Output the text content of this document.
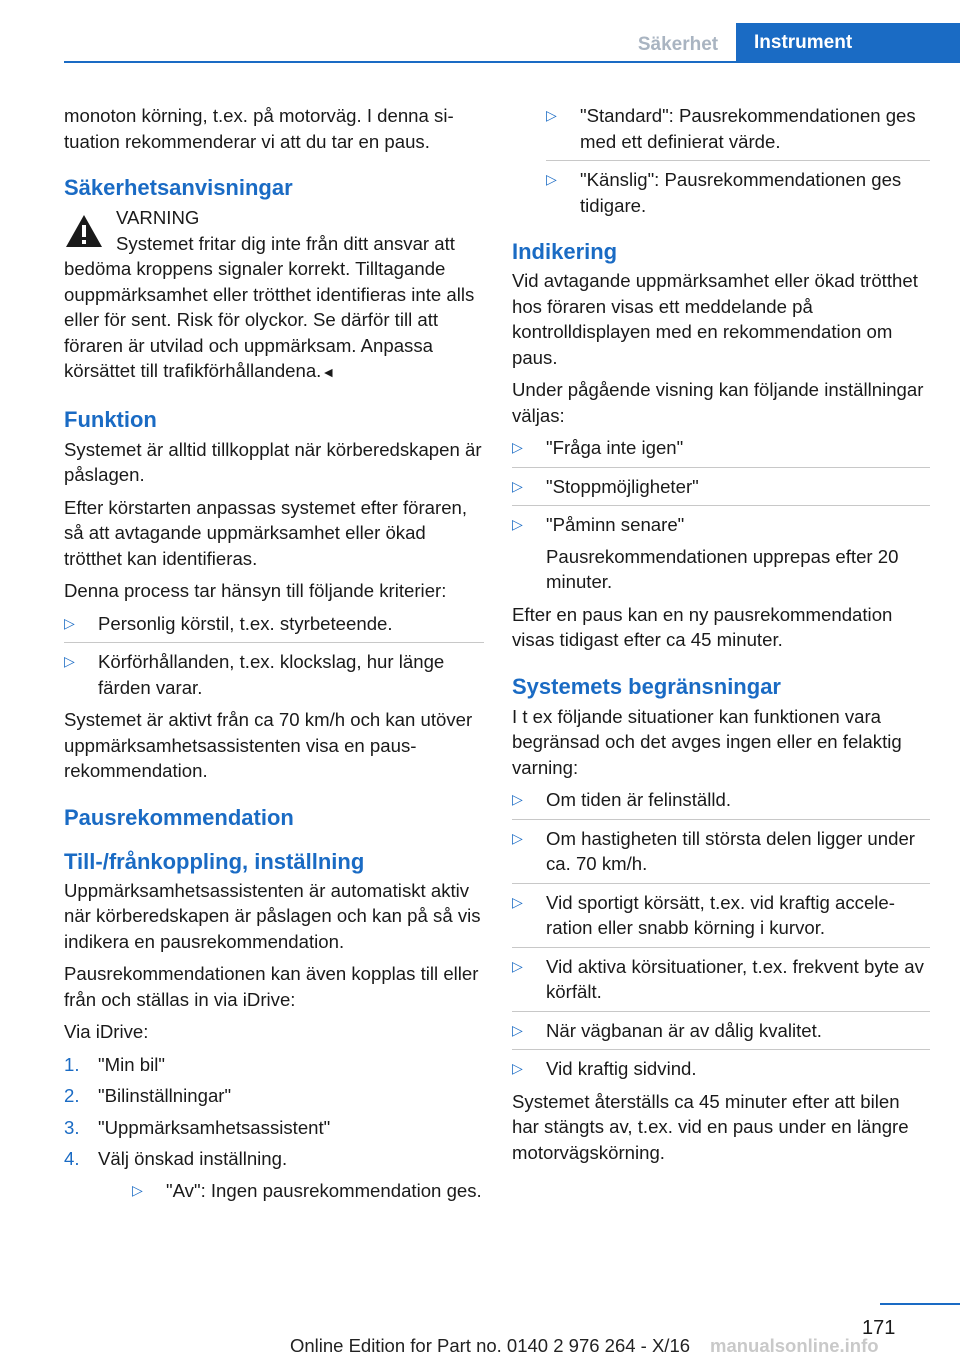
Säkerhet	Instrument

monoton körning, t.ex. på motorväg. I denna situation rekommenderar vi att du tar en paus.

Säkerhetsanvisningar
VARNING
Systemet fritar dig inte från ditt ansvar att
bedöma kroppens signaler korrekt. Tilltagande ouppmärksamhet eller trötthet identifieras inte alls eller för sent. Risk för olyckor. Se därför till att föraren är utvilad och uppmärksam. Anpassa körsättet till trafikförhållandena.◄
Funktion

Systemet är alltid tillkopplat när körberedskapen är påslagen.

Efter körstarten anpassas systemet efter föraren, så att avtagande uppmärksamhet eller ökad trötthet kan identifieras.

Denna process tar hänsyn till följande kriterier:

▷	Personlig körstil, t.ex. styrbeteende.
▷	Körförhållanden, t.ex. klockslag, hur länge färden varar.

Systemet är aktivt från ca 70 km/h och kan utöver uppmärksamhetsassistenten visa en pausrekommendation.

Pausrekommendation
Till-/frånkoppling, inställning

Uppmärksamhetsassistenten är automatiskt aktiv när körberedskapen är påslagen och kan på så vis indikera en pausrekommendation.

Pausrekommendationen kan även kopplas till eller från och ställas in via iDrive:

Via iDrive:

1. "Min bil"
2. "Bilinställningar"
3. "Uppmärksamhetsassistent"
4. Välj önskad inställning.
▷	"Av": Ingen pausrekommendation ges.
▷	"Standard": Pausrekommendationen ges med ett definierat värde.
▷	"Känslig": Pausrekommendationen ges tidigare.
Indikering

Vid avtagande uppmärksamhet eller ökad trötthet hos föraren visas ett meddelande på kontrolldisplayen med en rekommendation om paus.

Under pågående visning kan följande inställningar väljas:

▷	"Fråga inte igen"
▷	"Stoppmöjligheter"
▷	"Påminn senare"
Pausrekommendationen upprepas efter 20 minuter.

Efter en paus kan en ny pausrekommendation visas tidigast efter ca 45 minuter.

Systemets begränsningar

I t ex följande situationer kan funktionen vara begränsad och det avges ingen eller en felaktig varning:

▷	Om tiden är felinställd.
▷	Om hastigheten till största delen ligger under ca. 70 km/h.
▷	Vid sportigt körsätt, t.ex. vid kraftig acceleration eller snabb körning i kurvor.
▷	Vid aktiva körsituationer, t.ex. frekvent byte av körfält.
▷	När vägbanan är av dålig kvalitet.
▷	Vid kraftig sidvind.

Systemet återställs ca 45 minuter efter att bilen har stängts av, t.ex. vid en paus under en längre motorvägskörning.

171
Online Edition for Part no. 0140 2 976 264 - X/16	manualsonline.info
